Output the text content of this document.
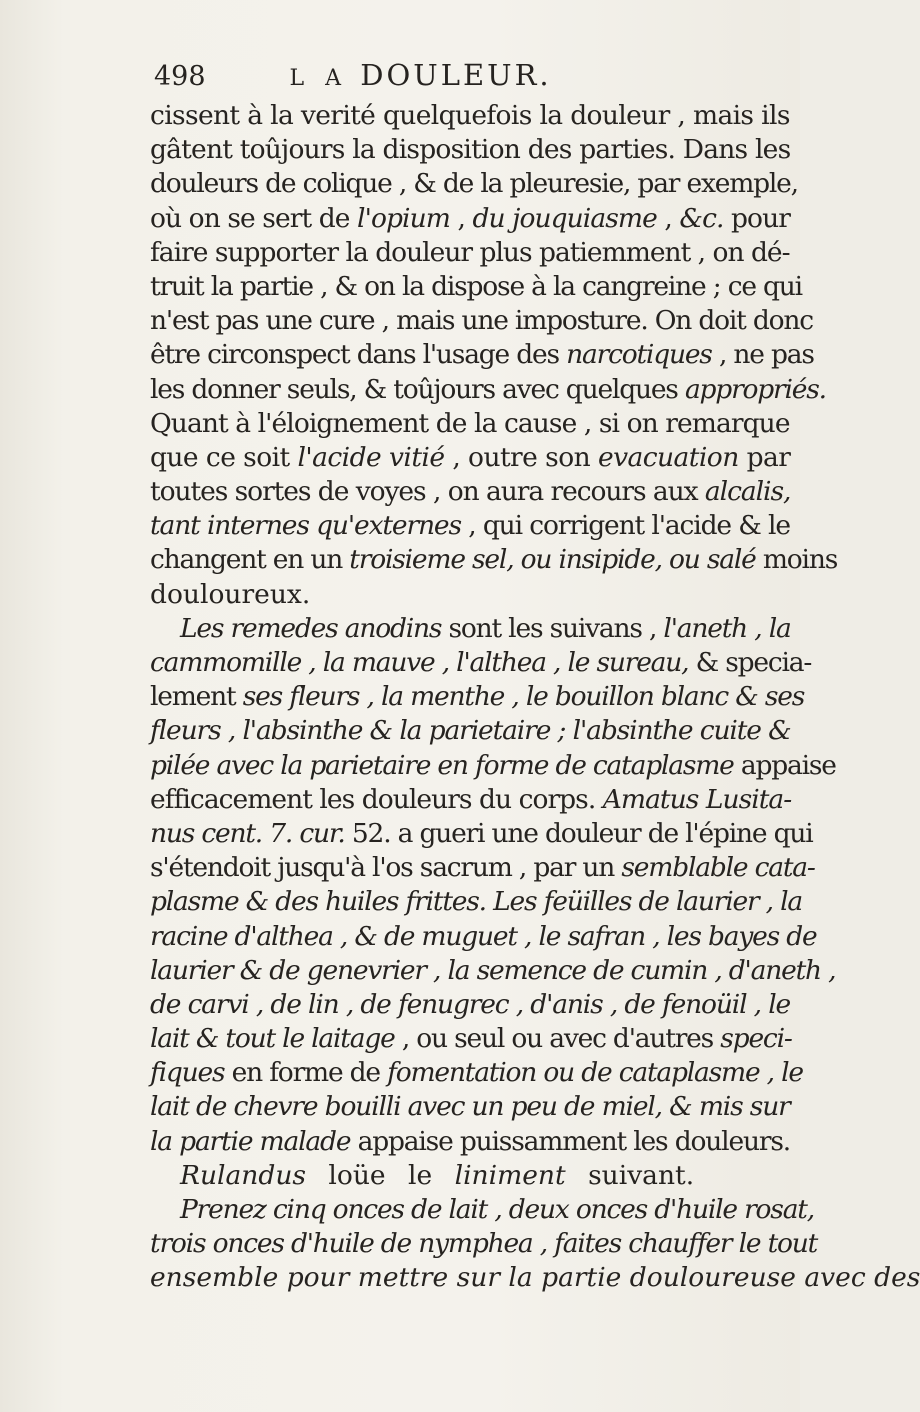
498	L A DOULEUR.
cissent à la verité quelquefois la douleur , mais ils
gâtent toûjours la disposition des parties. Dans les
douleurs de colique , & de la pleuresie, par exemple,
où on se sert de l'opium , du jouquiasme , &c. pour
faire supporter la douleur plus patiemment , on dé-
truit la partie , & on la dispose à la cangreine ; ce qui
n'est pas une cure , mais une imposture. On doit donc
être circonspect dans l'usage des narcotiques , ne pas
les donner seuls, & toûjours avec quelques appropriés.
Quant à l'éloignement de la cause , si on remarque
que ce soit l'acide vitié , outre son evacuation par
toutes sortes de voyes , on aura recours aux alcalis,
tant internes qu'externes , qui corrigent l'acide & le
changent en un troisieme sel, ou insipide, ou salé moins
douloureux.
Les remedes anodins sont les suivans , l'aneth , la
cammomille , la mauve , l'althea , le sureau, & specia-
lement ses fleurs , la menthe , le bouillon blanc & ses
fleurs , l'absinthe & la parietaire ; l'absinthe cuite &
pilée avec la parietaire en forme de cataplasme appaise
efficacement les douleurs du corps. Amatus Lusita-
nus cent. 7. cur. 52. a gueri une douleur de l'épine qui
s'étendoit jusqu'à l'os sacrum , par un semblable cata-
plasme & des huiles frittes. Les feüilles de laurier , la
racine d'althea , & de muguet , le safran , les bayes de
laurier & de genevrier , la semence de cumin , d'aneth ,
de carvi , de lin , de fenugrec , d'anis , de fenoüil , le
lait & tout le laitage , ou seul ou avec d'autres speci-
fiques en forme de fomentation ou de cataplasme , le
lait de chevre bouilli avec un peu de miel, & mis sur
la partie malade appaise puissamment les douleurs.
Rulandus loüe le liniment suivant.
Prenez cinq onces de lait , deux onces d'huile rosat,
trois onces d'huile de nymphea , faites chauffer le tout
ensemble pour mettre sur la partie douloureuse avec des
